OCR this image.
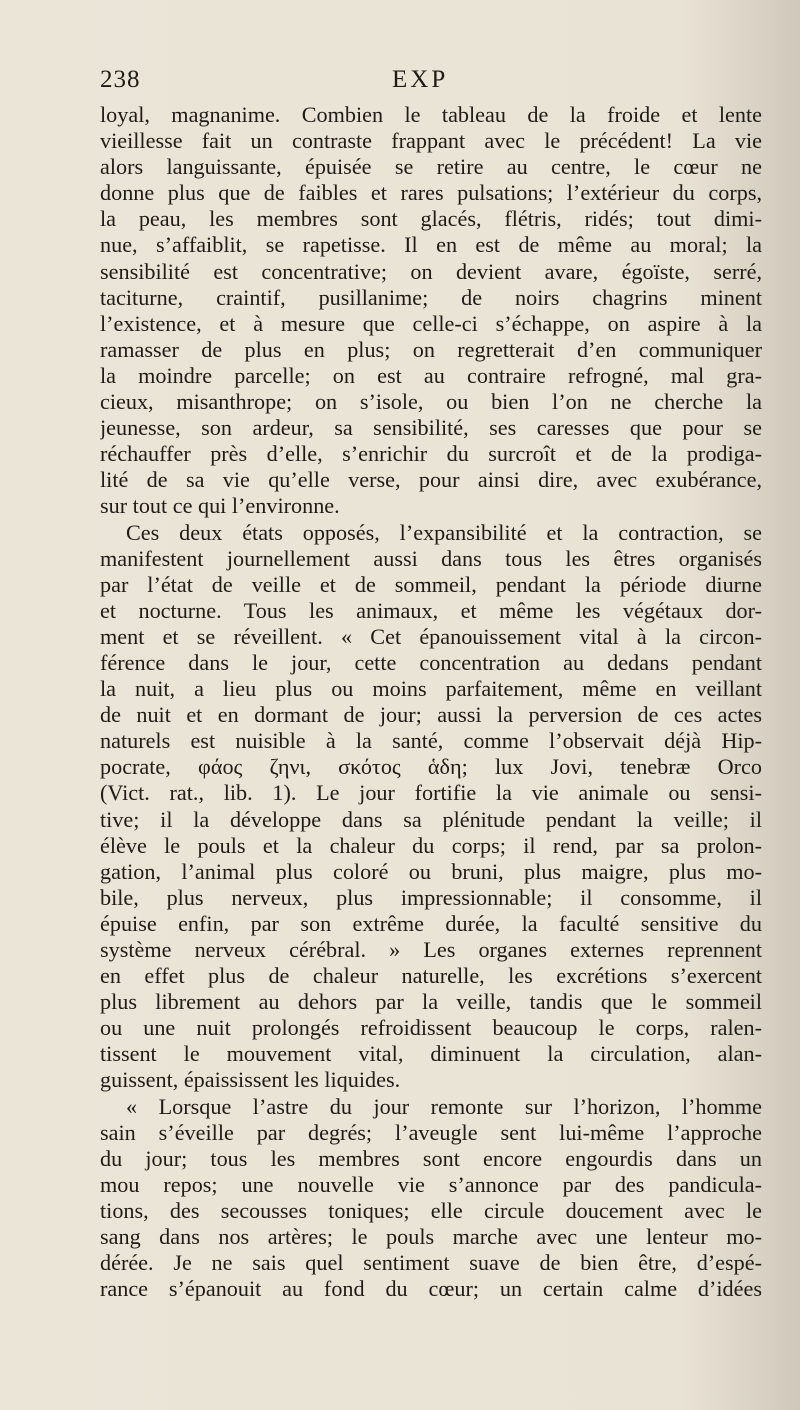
238	EXP
loyal, magnanime. Combien le tableau de la froide et lente
vieillesse fait un contraste frappant avec le précédent! La vie
alors languissante, épuisée se retire au centre, le cœur ne
donne plus que de faibles et rares pulsations; l’extérieur du corps,
la peau, les membres sont glacés, flétris, ridés; tout dimi-
nue, s’affaiblit, se rapetisse. Il en est de même au moral; la
sensibilité est concentrative; on devient avare, égoïste, serré,
taciturne, craintif, pusillanime; de noirs chagrins minent
l’existence, et à mesure que celle-ci s’échappe, on aspire à la
ramasser de plus en plus; on regretterait d’en communiquer
la moindre parcelle; on est au contraire refrogné, mal gra-
cieux, misanthrope; on s’isole, ou bien l’on ne cherche la
jeunesse, son ardeur, sa sensibilité, ses caresses que pour se
réchauffer près d’elle, s’enrichir du surcroît et de la prodiga-
lité de sa vie qu’elle verse, pour ainsi dire, avec exubérance,
sur tout ce qui l’environne.
Ces deux états opposés, l’expansibilité et la contraction, se
manifestent journellement aussi dans tous les êtres organisés
par l’état de veille et de sommeil, pendant la période diurne
et nocturne. Tous les animaux, et même les végétaux dor-
ment et se réveillent. « Cet épanouissement vital à la circon-
férence dans le jour, cette concentration au dedans pendant
la nuit, a lieu plus ou moins parfaitement, même en veillant
de nuit et en dormant de jour; aussi la perversion de ces actes
naturels est nuisible à la santé, comme l’observait déjà Hip-
pocrate, φάος ζηνι, σκότος ἁδη; lux Jovi, tenebræ Orco
(Vict. rat., lib. 1). Le jour fortifie la vie animale ou sensi-
tive; il la développe dans sa plénitude pendant la veille; il
élève le pouls et la chaleur du corps; il rend, par sa prolon-
gation, l’animal plus coloré ou bruni, plus maigre, plus mo-
bile, plus nerveux, plus impressionnable; il consomme, il
épuise enfin, par son extrême durée, la faculté sensitive du
système nerveux cérébral. » Les organes externes reprennent
en effet plus de chaleur naturelle, les excrétions s’exercent
plus librement au dehors par la veille, tandis que le sommeil
ou une nuit prolongés refroidissent beaucoup le corps, ralen-
tissent le mouvement vital, diminuent la circulation, alan-
guissent, épaississent les liquides.
« Lorsque l’astre du jour remonte sur l’horizon, l’homme
sain s’éveille par degrés; l’aveugle sent lui-même l’approche
du jour; tous les membres sont encore engourdis dans un
mou repos; une nouvelle vie s’annonce par des pandicula-
tions, des secousses toniques; elle circule doucement avec le
sang dans nos artères; le pouls marche avec une lenteur mo-
dérée. Je ne sais quel sentiment suave de bien être, d’espé-
rance s’épanouit au fond du cœur; un certain calme d’idées
